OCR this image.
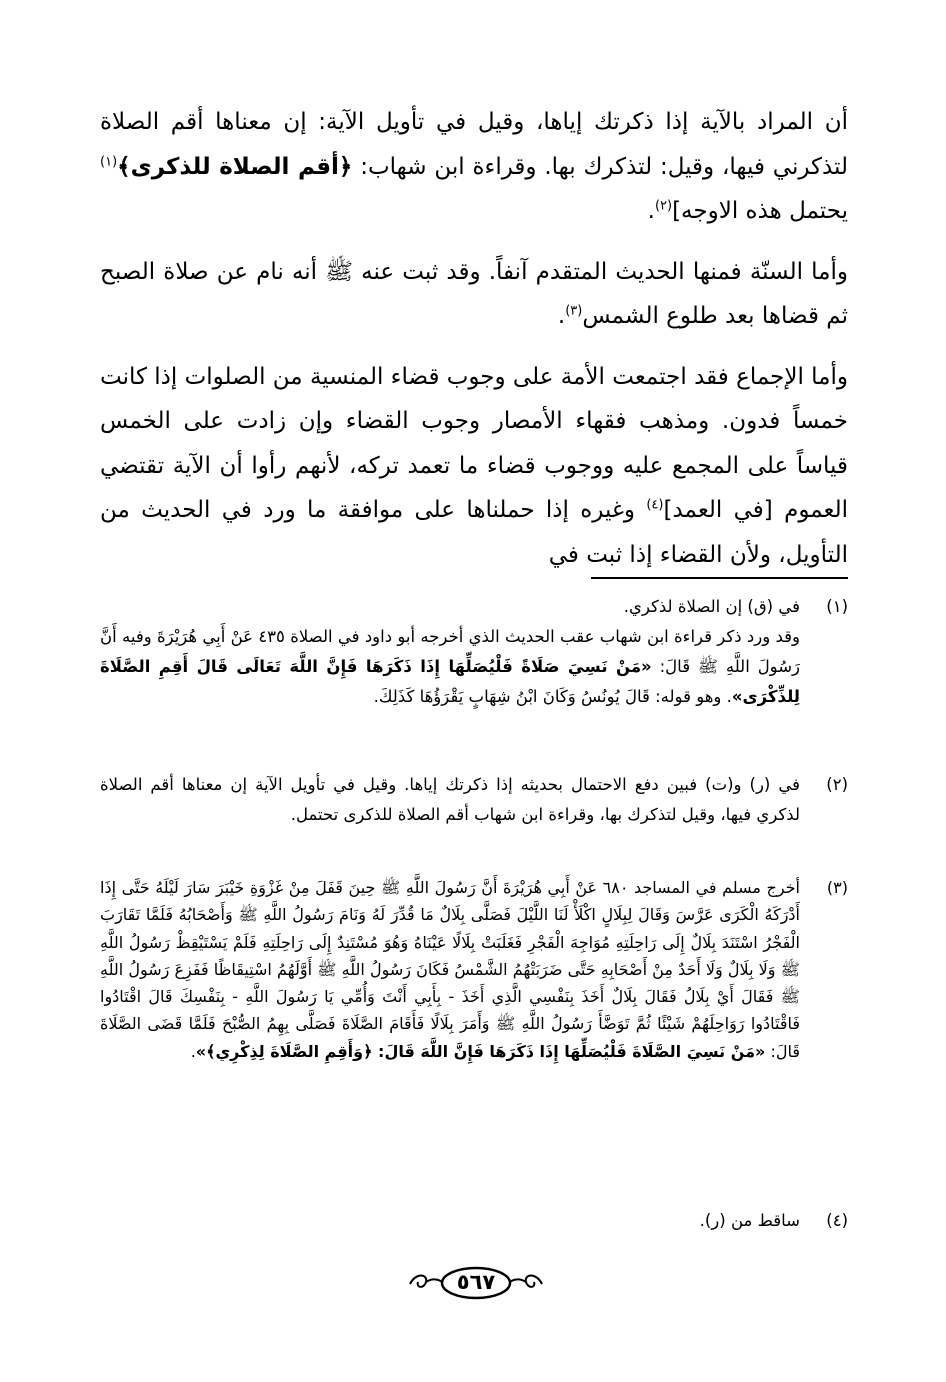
أن المراد بالآية إذا ذكرتك إياها، وقيل في تأويل الآية: إن معناها أقم الصلاة لتذكرني فيها، وقيل: لتذكرك بها. وقراءة ابن شهاب: ﴿أقم الصلاة للذكرى﴾$^{(١)}$ يحتمل هذه الاوجه]$^{(٢)}$.

وأما السنّة فمنها الحديث المتقدم آنفاً. وقد ثبت عنه ﷺ أنه نام عن صلاة الصبح ثم قضاها بعد طلوع الشمس$^{(٣)}$.

وأما الإجماع فقد اجتمعت الأمة على وجوب قضاء المنسية من الصلوات إذا كانت خمساً فدون. ومذهب فقهاء الأمصار وجوب القضاء وإن زادت على الخمس قياساً على المجمع عليه ووجوب قضاء ما تعمد تركه، لأنهم رأوا أن الآية تقتضي العموم [في العمد]$^{(٤)}$ وغيره إذا حملناها على موافقة ما ورد في الحديث من التأويل، ولأن القضاء إذا ثبت في

(١)
في (ق) إن الصلاة لذكري.
وقد ورد ذكر قراءة ابن شهاب عقب الحديث الذي أخرجه أبو داود في الصلاة ٤٣٥ عَنْ أَبِي هُرَيْرَةَ وفيه أَنَّ رَسُولَ اللَّهِ ﷺ قَالَ: «مَنْ نَسِيَ صَلَاةً فَلْيُصَلِّهَا إِذَا ذَكَرَهَا فَإِنَّ اللَّهَ تَعَالَى قَالَ أَقِمِ الصَّلَاةَ لِلذِّكْرَى». وهو قوله: قَالَ يُونُسُ وَكَانَ ابْنُ شِهَابٍ يَقْرَؤُهَا كَذَلِكَ.
(٢)
في (ر) و(ت) فبين دفع الاحتمال بحديثه إذا ذكرتك إياها. وقيل في تأويل الآية إن معناها أقم الصلاة لذكري فيها، وقيل لتذكرك بها، وقراءة ابن شهاب أقم الصلاة للذكرى تحتمل.
(٣)
أخرج مسلم في المساجد ٦٨٠ عَنْ أَبِي هُرَيْرَةَ أَنَّ رَسُولَ اللَّهِ ﷺ حِينَ قَفَلَ مِنْ غَزْوَةِ خَيْبَرَ سَارَ لَيْلَهُ حَتَّى إِذَا أَدْرَكَهُ الْكَرَى عَرَّسَ وَقَالَ لِبِلَالٍ اكْلَأْ لَنَا اللَّيْلَ فَصَلَّى بِلَالٌ مَا قُدِّرَ لَهُ وَنَامَ رَسُولُ اللَّهِ ﷺ وَأَصْحَابُهُ فَلَمَّا تَقَارَبَ الْفَجْرُ اسْتَنَدَ بِلَالٌ إِلَى رَاحِلَتِهِ مُوَاجِهَ الْفَجْرِ فَغَلَبَتْ بِلَالًا عَيْنَاهُ وَهُوَ مُسْتَنِدٌ إِلَى رَاحِلَتِهِ فَلَمْ يَسْتَيْقِظْ رَسُولُ اللَّهِ ﷺ وَلَا بِلَالٌ وَلَا أَحَدٌ مِنْ أَصْحَابِهِ حَتَّى ضَرَبَتْهُمُ الشَّمْسُ فَكَانَ رَسُولُ اللَّهِ ﷺ أَوَّلَهُمُ اسْتِيقَاظًا فَفَزِعَ رَسُولُ اللَّهِ ﷺ فَقَالَ أَيْ بِلَالُ فَقَالَ بِلَالٌ أَخَذَ بِنَفْسِي الَّذِي أَخَذَ - بِأَبِي أَنْتَ وَأُمِّي يَا رَسُولَ اللَّهِ - بِنَفْسِكَ قَالَ اقْتَادُوا فَاقْتَادُوا رَوَاحِلَهُمْ شَيْئًا ثُمَّ تَوَضَّأَ رَسُولُ اللَّهِ ﷺ وَأَمَرَ بِلَالًا فَأَقَامَ الصَّلَاةَ فَصَلَّى بِهِمُ الصُّبْحَ فَلَمَّا قَضَى الصَّلَاةَ قَالَ: «مَنْ نَسِيَ الصَّلَاةَ فَلْيُصَلِّهَا إِذَا ذَكَرَهَا فَإِنَّ اللَّهَ قَالَ: ﴿وَأَقِمِ الصَّلَاةَ لِذِكْرِي﴾».
(٤)
ساقط من (ر).
٥٦٧
